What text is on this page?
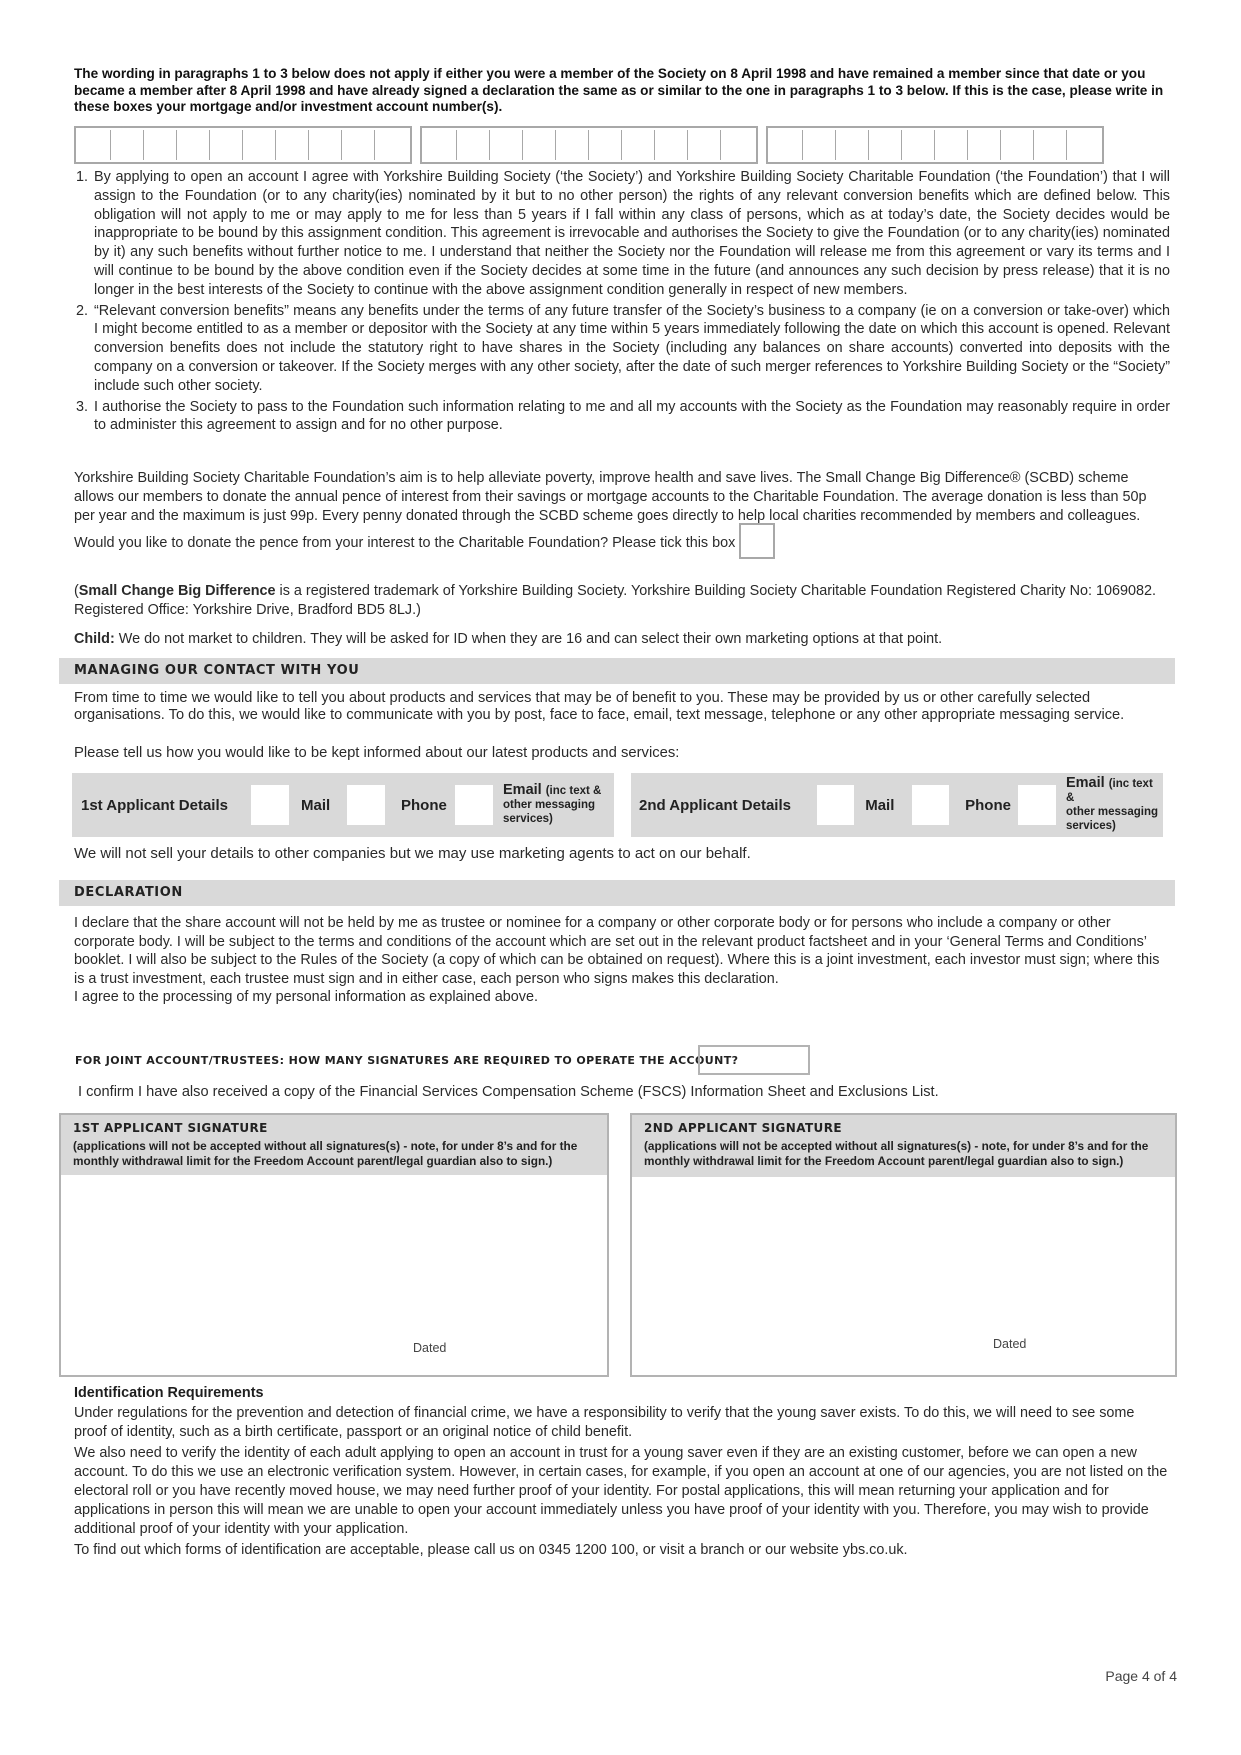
The wording in paragraphs 1 to 3 below does not apply if either you were a member of the Society on 8 April 1998 and have remained a member since that date or you became a member after 8 April 1998 and have already signed a declaration the same as or similar to the one in paragraphs 1 to 3 below. If this is the case, please write in these boxes your mortgage and/or investment account number(s).
1. By applying to open an account I agree with Yorkshire Building Society (‘the Society’) and Yorkshire Building Society Charitable Foundation (‘the Foundation’) that I will assign to the Foundation (or to any charity(ies) nominated by it but to no other person) the rights of any relevant conversion benefits which are defined below. This obligation will not apply to me or may apply to me for less than 5 years if I fall within any class of persons, which as at today’s date, the Society decides would be inappropriate to be bound by this assignment condition. This agreement is irrevocable and authorises the Society to give the Foundation (or to any charity(ies) nominated by it) any such benefits without further notice to me. I understand that neither the Society nor the Foundation will release me from this agreement or vary its terms and I will continue to be bound by the above condition even if the Society decides at some time in the future (and announces any such decision by press release) that it is no longer in the best interests of the Society to continue with the above assignment condition generally in respect of new members.
2. “Relevant conversion benefits” means any benefits under the terms of any future transfer of the Society’s business to a company (ie on a conversion or take-over) which I might become entitled to as a member or depositor with the Society at any time within 5 years immediately following the date on which this account is opened. Relevant conversion benefits does not include the statutory right to have shares in the Society (including any balances on share accounts) converted into deposits with the company on a conversion or takeover. If the Society merges with any other society, after the date of such merger references to Yorkshire Building Society or the “Society” include such other society.
3. I authorise the Society to pass to the Foundation such information relating to me and all my accounts with the Society as the Foundation may reasonably require in order to administer this agreement to assign and for no other purpose.
Yorkshire Building Society Charitable Foundation’s aim is to help alleviate poverty, improve health and save lives. The Small Change Big Difference® (SCBD) scheme allows our members to donate the annual pence of interest from their savings or mortgage accounts to the Charitable Foundation. The average donation is less than 50p per year and the maximum is just 99p. Every penny donated through the SCBD scheme goes directly to help local charities recommended by members and colleagues.
Would you like to donate the pence from your interest to the Charitable Foundation? Please tick this box
(Small Change Big Difference is a registered trademark of Yorkshire Building Society. Yorkshire Building Society Charitable Foundation Registered Charity No: 1069082. Registered Office: Yorkshire Drive, Bradford BD5 8LJ.)
Child: We do not market to children. They will be asked for ID when they are 16 and can select their own marketing options at that point.
MANAGING OUR CONTACT WITH YOU
From time to time we would like to tell you about products and services that may be of benefit to you. These may be provided by us or other carefully selected organisations. To do this, we would like to communicate with you by post, face to face, email, text message, telephone or any other appropriate messaging service.
Please tell us how you would like to be kept informed about our latest products and services:
1st Applicant Details	Mail	Phone
Email (inc text &
other messaging
services)
2nd Applicant Details	Mail	Phone
Email (inc text &
other messaging
services)
We will not sell your details to other companies but we may use marketing agents to act on our behalf.
DECLARATION
I declare that the share account will not be held by me as trustee or nominee for a company or other corporate body or for persons who include a company or other corporate body. I will be subject to the terms and conditions of the account which are set out in the relevant product factsheet and in your ‘General Terms and Conditions’ booklet. I will also be subject to the Rules of the Society (a copy of which can be obtained on request). Where this is a joint investment, each investor must sign; where this is a trust investment, each trustee must sign and in either case, each person who signs makes this declaration.
I agree to the processing of my personal information as explained above.
FOR JOINT ACCOUNT/TRUSTEES: HOW MANY SIGNATURES ARE REQUIRED TO OPERATE THE ACCOUNT?
I confirm I have also received a copy of the Financial Services Compensation Scheme (FSCS) Information Sheet and Exclusions List.
1ST APPLICANT SIGNATURE
(applications will not be accepted without all signatures(s) - note, for under 8’s and for the monthly withdrawal limit for the Freedom Account parent/legal guardian also to sign.)
Dated
2ND APPLICANT SIGNATURE
(applications will not be accepted without all signatures(s) - note, for under 8’s and for the monthly withdrawal limit for the Freedom Account parent/legal guardian also to sign.)
Dated
Identification Requirements

Under regulations for the prevention and detection of financial crime, we have a responsibility to verify that the young saver exists. To do this, we will need to see some proof of identity, such as a birth certificate, passport or an original notice of child benefit.

We also need to verify the identity of each adult applying to open an account in trust for a young saver even if they are an existing customer, before we can open a new account. To do this we use an electronic verification system. However, in certain cases, for example, if you open an account at one of our agencies, you are not listed on the electoral roll or you have recently moved house, we may need further proof of your identity. For postal applications, this will mean returning your application and for applications in person this will mean we are unable to open your account immediately unless you have proof of your identity with you. Therefore, you may wish to provide additional proof of your identity with your application.

To find out which forms of identification are acceptable, please call us on 0345 1200 100, or visit a branch or our website ybs.co.uk.

Page 4 of 4
